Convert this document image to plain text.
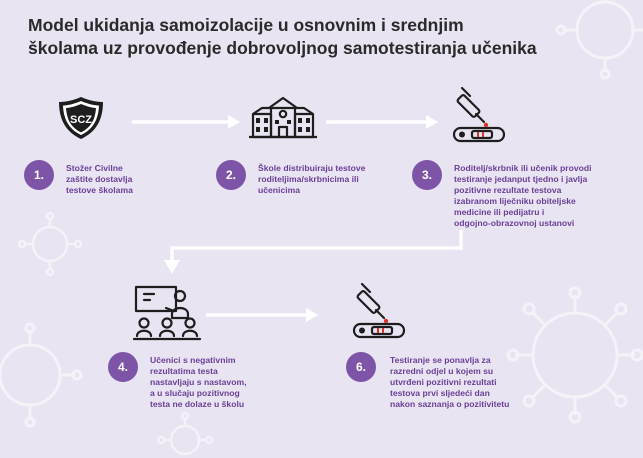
Model ukidanja samoizolacije u osnovnim i srednjim
školama uz provođenje dobrovoljnog samotestiranja učenika
SCZ
1.	Stožer Civilne
zaštite dostavlja
testove školama

2.	Škole distribuiraju testove
roditeljima/skrbnicima ili
učenicima

3.	Roditelj/skrbnik ili učenik provodi
testiranje jedanput tjedno i javlja
pozitivne rezultate testova
izabranom liječniku obiteljske
medicine ili pedijatru i
odgojno-obrazovnoj ustanovi

4.	Učenici s negativnim
rezultatima testa
nastavljaju s nastavom,
a u slučaju pozitivnog
testa ne dolaze u školu

6.	Testiranje se ponavlja za
razredni odjel u kojem su
utvrđeni pozitivni rezultati
testova prvi sljedeći dan
nakon saznanja o pozitivitetu
